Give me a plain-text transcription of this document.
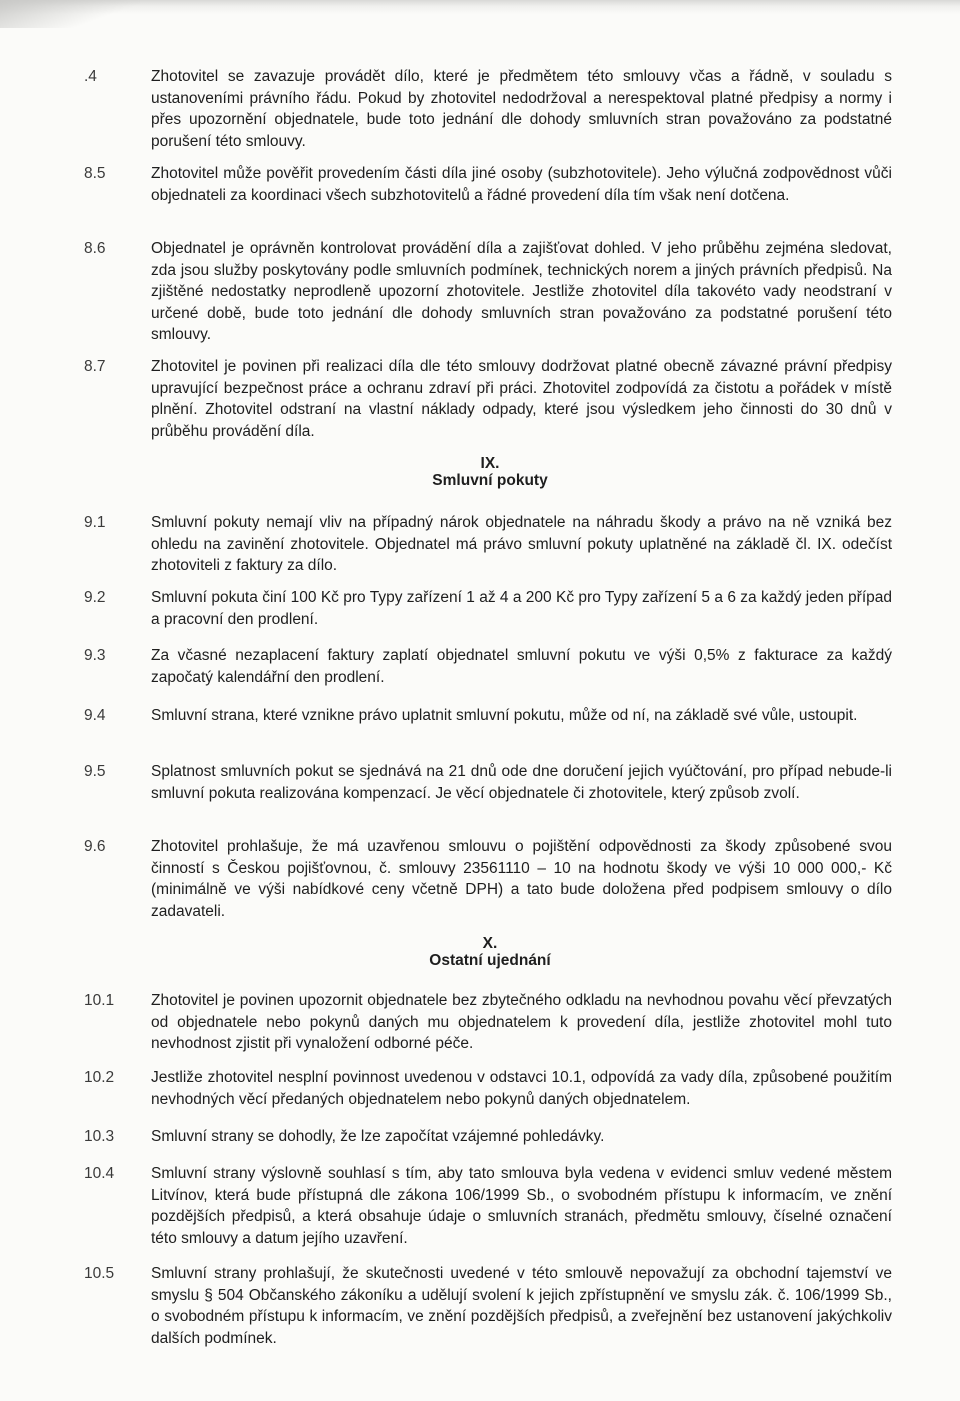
.4	Zhotovitel se zavazuje provádět dílo, které je předmětem této smlouvy včas a řádně, v souladu s ustanoveními právního řádu. Pokud by zhotovitel nedodržoval a nerespektoval platné předpisy a normy i přes upozornění objednatele, bude toto jednání dle dohody smluvních stran považováno za podstatné porušení této smlouvy.
8.5	Zhotovitel může pověřit provedením části díla jiné osoby (subzhotovitele). Jeho výlučná zodpovědnost vůči objednateli za koordinaci všech subzhotovitelů a řádné provedení díla tím však není dotčena.
8.6	Objednatel je oprávněn kontrolovat provádění díla a zajišťovat dohled. V jeho průběhu zejména sledovat, zda jsou služby poskytovány podle smluvních podmínek, technických norem a jiných právních předpisů. Na zjištěné nedostatky neprodleně upozorní zhotovitele. Jestliže zhotovitel díla takovéto vady neodstraní v určené době, bude toto jednání dle dohody smluvních stran považováno za podstatné porušení této smlouvy.
8.7	Zhotovitel je povinen při realizaci díla dle této smlouvy dodržovat platné obecně závazné právní předpisy upravující bezpečnost práce a ochranu zdraví při práci. Zhotovitel zodpovídá za čistotu a pořádek v místě plnění. Zhotovitel odstraní na vlastní náklady odpady, které jsou výsledkem jeho činnosti do 30 dnů v průběhu provádění díla.
IX.
Smluvní pokuty
9.1	Smluvní pokuty nemají vliv na případný nárok objednatele na náhradu škody a právo na ně vzniká bez ohledu na zavinění zhotovitele. Objednatel má právo smluvní pokuty uplatněné na základě čl. IX. odečíst zhotoviteli z faktury za dílo.
9.2	Smluvní pokuta činí 100 Kč pro Typy zařízení 1 až 4 a 200 Kč pro Typy zařízení 5 a 6 za každý jeden případ a pracovní den prodlení.
9.3	Za včasné nezaplacení faktury zaplatí objednatel smluvní pokutu ve výši 0,5% z fakturace za každý započatý kalendářní den prodlení.
9.4	Smluvní strana, které vznikne právo uplatnit smluvní pokutu, může od ní, na základě své vůle, ustoupit.
9.5	Splatnost smluvních pokut se sjednává na 21 dnů ode dne doručení jejich vyúčtování, pro případ nebude-li smluvní pokuta realizována kompenzací. Je věcí objednatele či zhotovitele, který způsob zvolí.
9.6	Zhotovitel prohlašuje, že má uzavřenou smlouvu o pojištění odpovědnosti za škody způsobené svou činností s Českou pojišťovnou, č. smlouvy 23561110 – 10 na hodnotu škody ve výši 10 000 000,- Kč (minimálně ve výši nabídkové ceny včetně DPH) a tato bude doložena před podpisem smlouvy o dílo zadavateli.
X.
Ostatní ujednání
10.1	Zhotovitel je povinen upozornit objednatele bez zbytečného odkladu na nevhodnou povahu věcí převzatých od objednatele nebo pokynů daných mu objednatelem k provedení díla, jestliže zhotovitel mohl tuto nevhodnost zjistit při vynaložení odborné péče.
10.2	Jestliže zhotovitel nesplní povinnost uvedenou v odstavci 10.1, odpovídá za vady díla, způsobené použitím nevhodných věcí předaných objednatelem nebo pokynů daných objednatelem.
10.3	Smluvní strany se dohodly, že lze započítat vzájemné pohledávky.
10.4	Smluvní strany výslovně souhlasí s tím, aby tato smlouva byla vedena v evidenci smluv vedené městem Litvínov, která bude přístupná dle zákona 106/1999 Sb., o svobodném přístupu k informacím, ve znění pozdějších předpisů, a která obsahuje údaje o smluvních stranách, předmětu smlouvy, číselné označení této smlouvy a datum jejího uzavření.
10.5	Smluvní strany prohlašují, že skutečnosti uvedené v této smlouvě nepovažují za obchodní tajemství ve smyslu § 504 Občanského zákoníku a udělují svolení k jejich zpřístupnění ve smyslu zák. č. 106/1999 Sb., o svobodném přístupu k informacím, ve znění pozdějších předpisů, a zveřejnění bez ustanovení jakýchkoliv dalších podmínek.
